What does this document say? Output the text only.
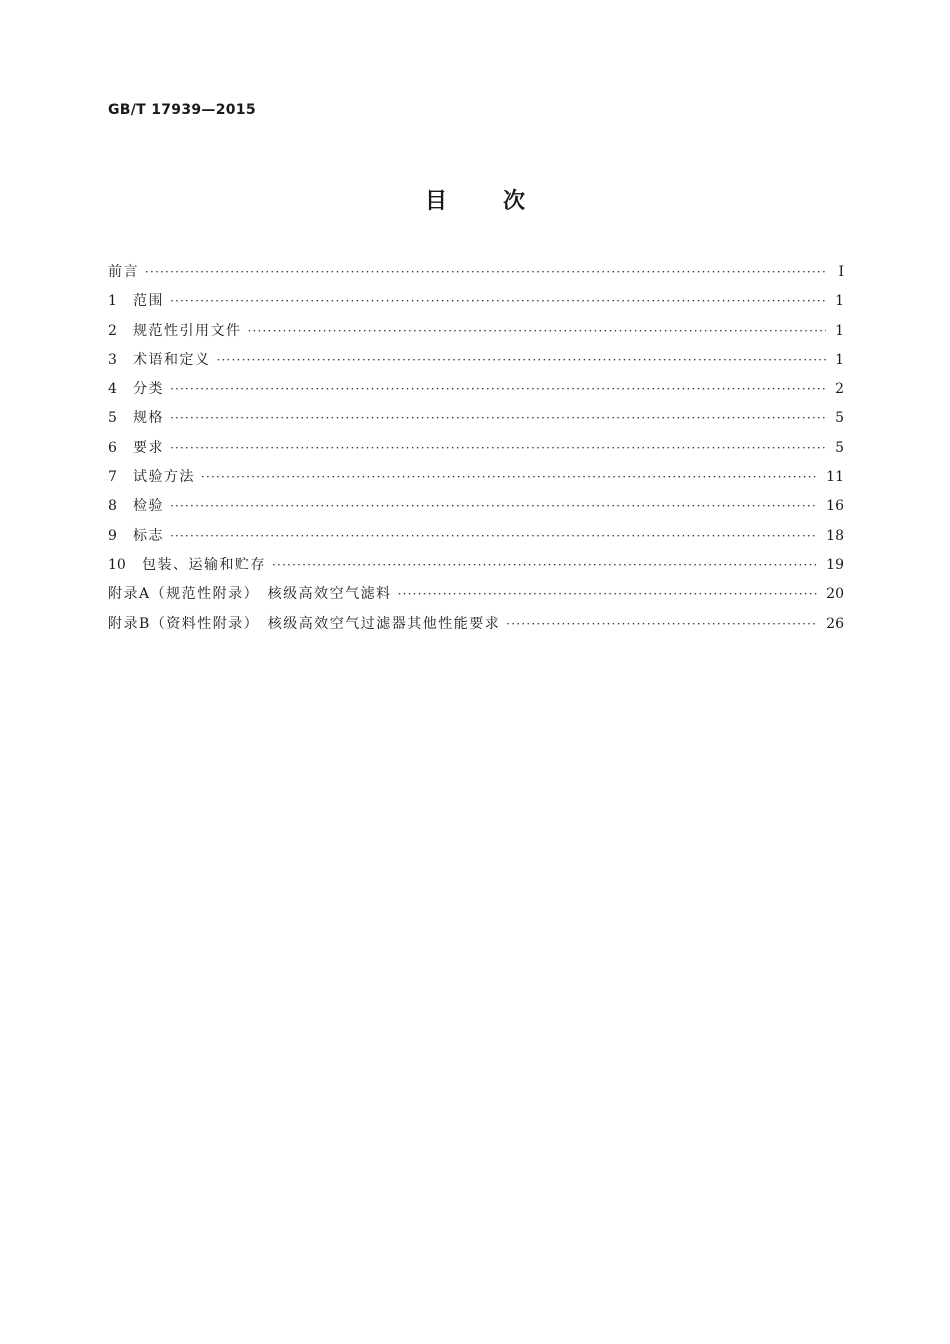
GB/T 17939—2015
目次
前言 ·····	Ⅰ
1	范围 ·····	1
2	规范性引用文件 ·····	1
3	术语和定义 ·····	1
4	分类 ·····	2
5	规格 ·····	5
6	要求 ·····	5
7	试验方法 ·····	11
8	检验 ·····	16
9	标志 ·····	18
10	包装、运输和贮存 ·····	19
附录A（规范性附录）　核级高效空气滤料 ·····	20
附录B（资料性附录）　核级高效空气过滤器其他性能要求 ·····	26
